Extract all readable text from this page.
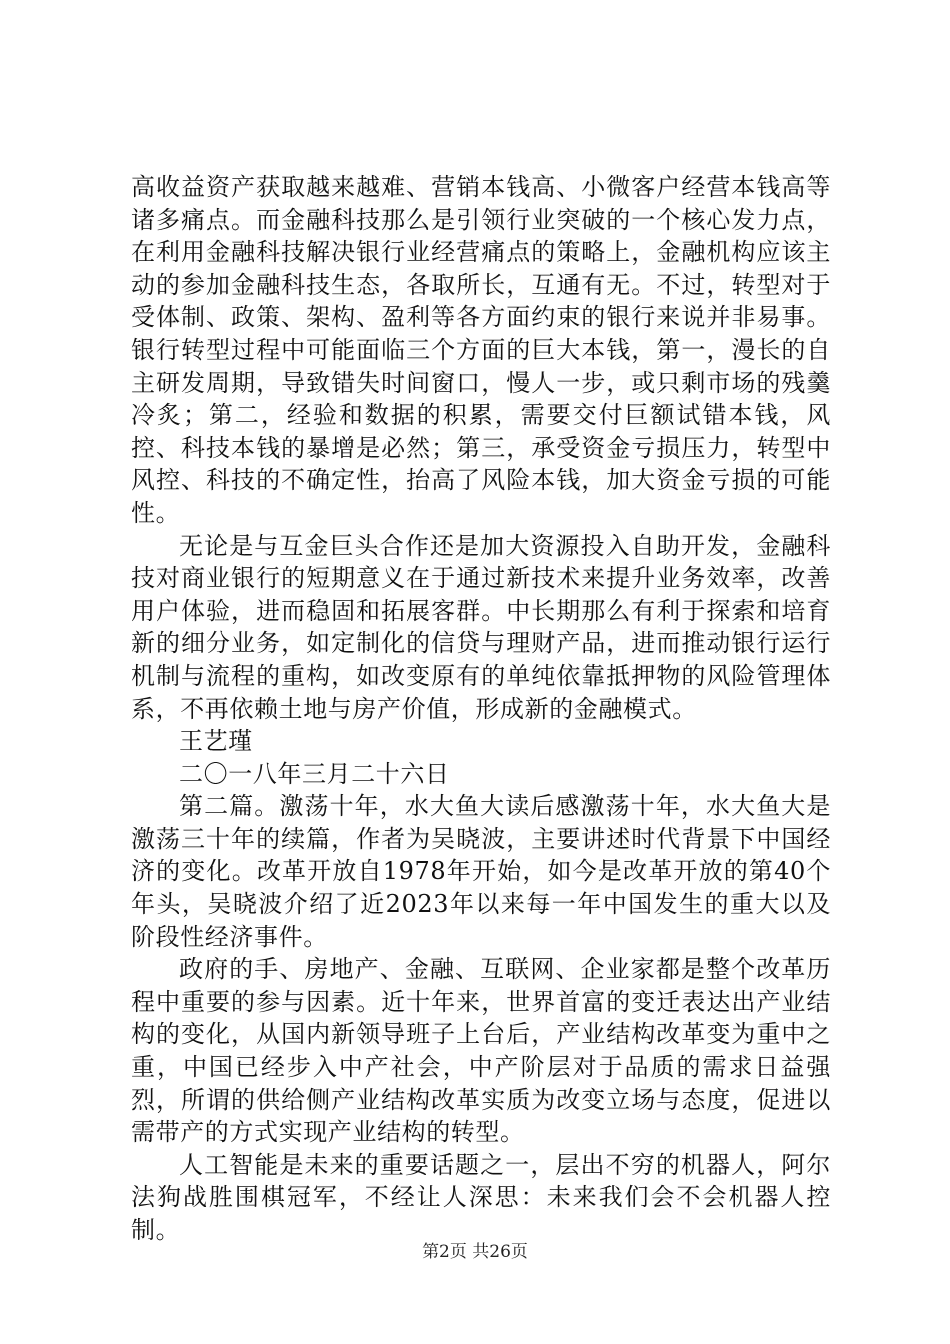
高收益资产获取越来越难、营销本钱高、小微客户经营本钱高等诸多痛点。而金融科技那么是引领行业突破的一个核心发力点，在利用金融科技解决银行业经营痛点的策略上，金融机构应该主动的参加金融科技生态，各取所长，互通有无。不过，转型对于受体制、政策、架构、盈利等各方面约束的银行来说并非易事。银行转型过程中可能面临三个方面的巨大本钱，第一，漫长的自主研发周期，导致错失时间窗口，慢人一步，或只剩市场的残羹冷炙；第二，经验和数据的积累，需要交付巨额试错本钱，风控、科技本钱的暴增是必然；第三，承受资金亏损压力，转型中风控、科技的不确定性，抬高了风险本钱，加大资金亏损的可能性。

无论是与互金巨头合作还是加大资源投入自助开发，金融科技对商业银行的短期意义在于通过新技术来提升业务效率，改善用户体验，进而稳固和拓展客群。中长期那么有利于探索和培育新的细分业务，如定制化的信贷与理财产品，进而推动银行运行机制与流程的重构，如改变原有的单纯依靠抵押物的风险管理体系，不再依赖土地与房产价值，形成新的金融模式。

王艺瑾

二〇一八年三月二十六日

第二篇。激荡十年，水大鱼大读后感激荡十年，水大鱼大是激荡三十年的续篇，作者为吴晓波，主要讲述时代背景下中国经济的变化。改革开放自1978年开始，如今是改革开放的第40个年头，吴晓波介绍了近2023年以来每一年中国发生的重大以及阶段性经济事件。

政府的手、房地产、金融、互联网、企业家都是整个改革历程中重要的参与因素。近十年来，世界首富的变迁表达出产业结构的变化，从国内新领导班子上台后，产业结构改革变为重中之重，中国已经步入中产社会，中产阶层对于品质的需求日益强烈，所谓的供给侧产业结构改革实质为改变立场与态度，促进以需带产的方式实现产业结构的转型。

人工智能是未来的重要话题之一，层出不穷的机器人，阿尔法狗战胜围棋冠军，不经让人深思：未来我们会不会机器人控制。

第2页 共26页
